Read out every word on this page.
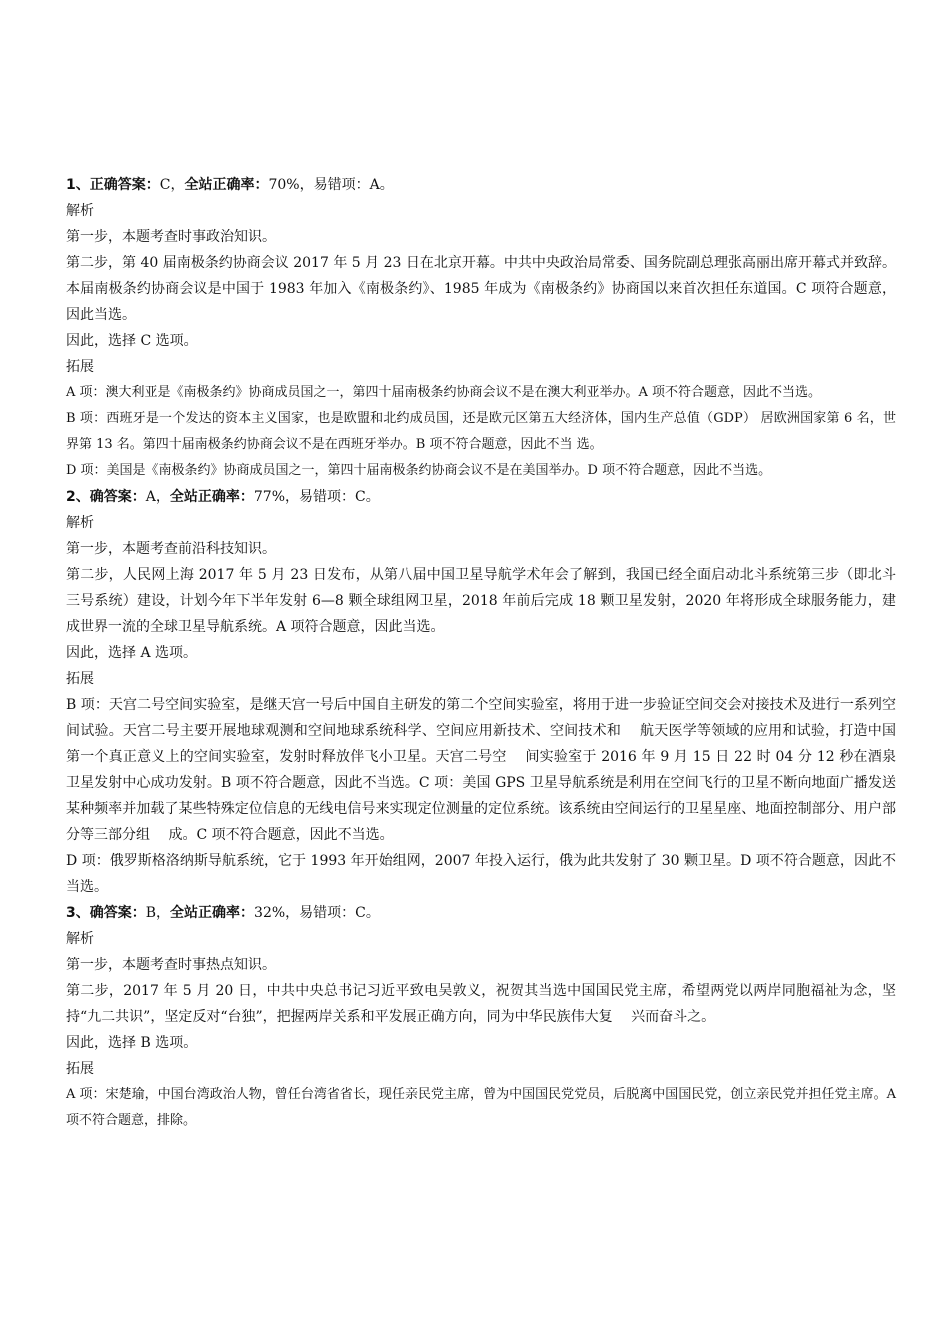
1、正确答案：C，全站正确率：70%，易错项：A。

解析

第一步，本题考查时事政治知识。

第二步，第 40 届南极条约协商会议 2017 年 5 月 23 日在北京开幕。中共中央政治局常委、国务院副总理张高丽出席开幕式并致辞。本届南极条约协商会议是中国于 1983 年加入《南极条约》、1985 年成为《南极条约》协商国以来首次担任东道国。C 项符合题意，因此当选。

因此，选择 C 选项。

拓展

A 项：澳大利亚是《南极条约》协商成员国之一，第四十届南极条约协商会议不是在澳大利亚举办。A 项不符合题意，因此不当选。

B 项：西班牙是一个发达的资本主义国家，也是欧盟和北约成员国，还是欧元区第五大经济体，国内生产总值（GDP） 居欧洲国家第 6 名，世界第 13 名。第四十届南极条约协商会议不是在西班牙举办。B 项不符合题意，因此不当 选。

D 项：美国是《南极条约》协商成员国之一，第四十届南极条约协商会议不是在美国举办。D 项不符合题意，因此不当选。

2、确答案：A，全站正确率：77%，易错项：C。

解析

第一步，本题考查前沿科技知识。

第二步，人民网上海 2017 年 5 月 23 日发布，从第八届中国卫星导航学术年会了解到，我国已经全面启动北斗系统第三步（即北斗三号系统）建设，计划今年下半年发射 6—8 颗全球组网卫星，2018 年前后完成 18 颗卫星发射，2020 年将形成全球服务能力，建成世界一流的全球卫星导航系统。A 项符合题意，因此当选。

因此，选择 A 选项。

拓展

B 项：天宫二号空间实验室，是继天宫一号后中国自主研发的第二个空间实验室，将用于进一步验证空间交会对接技术及进行一系列空间试验。天宫二号主要开展地球观测和空间地球系统科学、空间应用新技术、空间技术和　 航天医学等领域的应用和试验，打造中国第一个真正意义上的空间实验室，发射时释放伴飞小卫星。天宫二号空　 间实验室于 2016 年 9 月 15 日 22 时 04 分 12 秒在酒泉卫星发射中心成功发射。B 项不符合题意，因此不当选。C 项：美国 GPS 卫星导航系统是利用在空间飞行的卫星不断向地面广播发送某种频率并加载了某些特殊定位信息的无线电信号来实现定位测量的定位系统。该系统由空间运行的卫星星座、地面控制部分、用户部分等三部分组　 成。C 项不符合题意，因此不当选。

D 项：俄罗斯格洛纳斯导航系统，它于 1993 年开始组网，2007 年投入运行，俄为此共发射了 30 颗卫星。D 项不符合题意，因此不当选。

3、确答案：B，全站正确率：32%，易错项：C。

解析

第一步，本题考查时事热点知识。

第二步，2017 年 5 月 20 日，中共中央总书记习近平致电吴敦义，祝贺其当选中国国民党主席，希望两党以两岸同胞福祉为念，坚持“九二共识”，坚定反对“台独”，把握两岸关系和平发展正确方向，同为中华民族伟大复　 兴而奋斗之。

因此，选择 B 选项。

拓展

A 项：宋楚瑜，中国台湾政治人物，曾任台湾省省长，现任亲民党主席，曾为中国国民党党员，后脱离中国国民党，创立亲民党并担任党主席。A 项不符合题意，排除。
